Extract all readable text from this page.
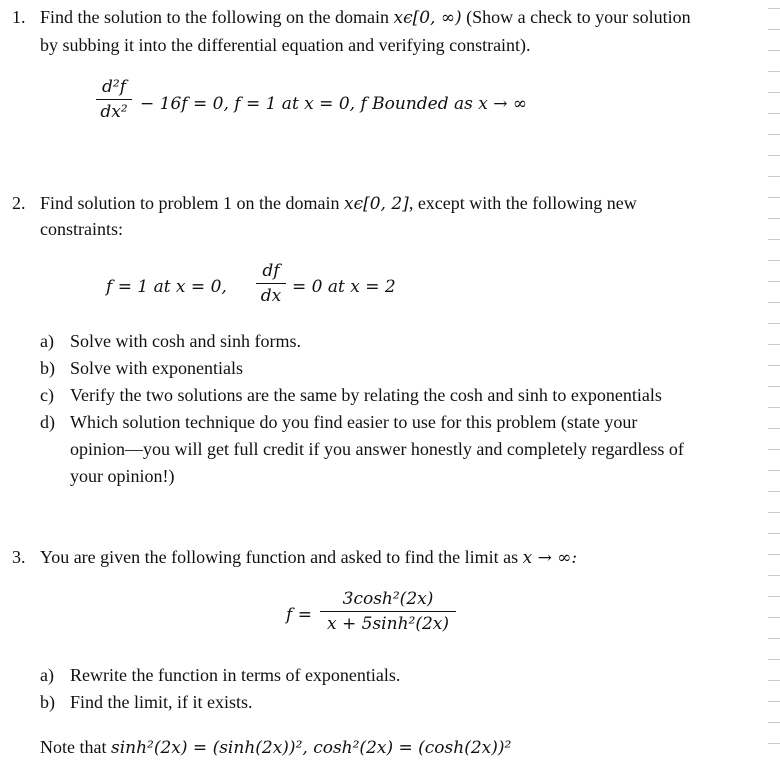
1. Find the solution to the following on the domain xϵ[0, ∞) (Show a check to your solution
by subbing it into the differential equation and verifying constraint).
d²f
dx² − 16f = 0, f = 1 at x = 0, f Bounded as x → ∞
2. Find solution to problem 1 on the domain xϵ[0, 2], except with the following new
constraints:
f = 1 at x = 0,
df
dx = 0 at x = 2
a) Solve with cosh and sinh forms.
b) Solve with exponentials
c) Verify the two solutions are the same by relating the cosh and sinh to exponentials
d) Which solution technique do you find easier to use for this problem (state your
opinion—you will get full credit if you answer honestly and completely regardless of
your opinion!)
3. You are given the following function and asked to find the limit as x → ∞:
f =
3cosh²(2x)
x + 5sinh²(2x)
a) Rewrite the function in terms of exponentials.
b) Find the limit, if it exists.
Note that sinh²(2x) = (sinh(2x))², cosh²(2x) = (cosh(2x))²
